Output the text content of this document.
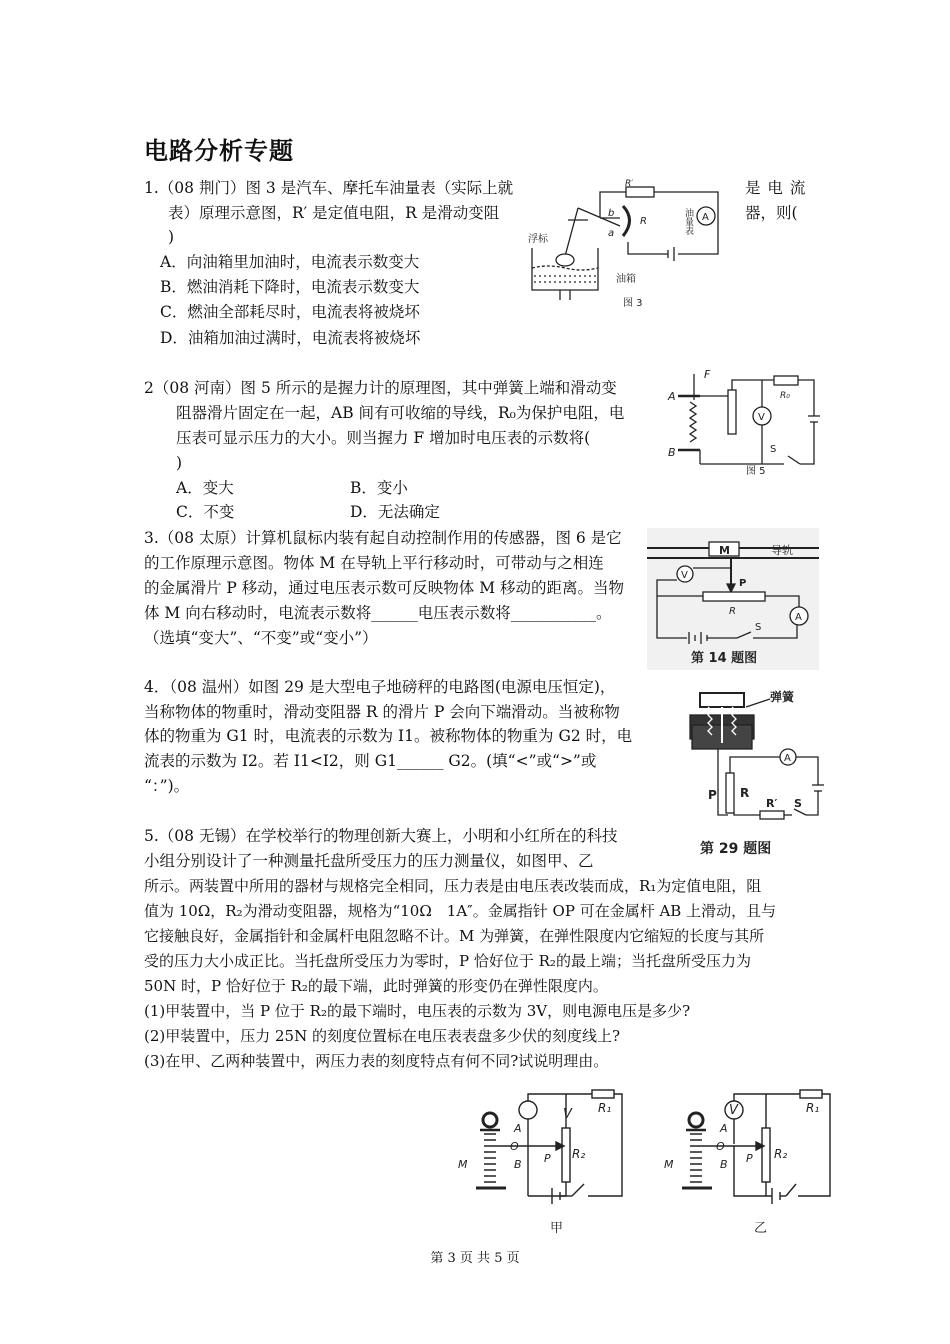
电路分析专题
1.（08 荆门）图 3 是汽车、摩托车油量表（实际上就	是 电 流
表）原理示意图，R′ 是定值电阻，R 是滑动变阻	器，则(
)
A．向油箱里加油时，电流表示数变大
B．燃油消耗下降时，电流表示数变大
C．燃油全部耗尽时，电流表将被烧坏
D．油箱加油过满时，电流表将被烧坏
R′
b
a
R
浮标
油箱
A
油量表
图 3
2（08 河南）图 5 所示的是握力计的原理图，其中弹簧上端和滑动变
阻器滑片固定在一起，AB 间有可收缩的导线，R₀为保护电阻，电
压表可显示压力的大小。则当握力 F 增加时电压表的示数将(
)
A．变大	B．变小
C．不变	D．无法确定
F
A
B
V
R₀
S
图 5
3.（08 太原）计算机鼠标内装有起自动控制作用的传感器，图 6 是它
的工作原理示意图。物体 M 在导轨上平行移动时，可带动与之相连
的金属滑片 P 移动，通过电压表示数可反映物体 M 移动的距离。当物
体 M 向右移动时，电流表示数将______电压表示数将___________。
（选填“变大”、“不变”或“变小”）
M	导轨
V
P
R
A
S
第 14 题图
4．（08 温州）如图 29 是大型电子地磅秤的电路图(电源电压恒定)，
当称物体的物重时，滑动变阻器 R 的滑片 P 会向下端滑动。当被称物
体的物重为 G1 时，电流表的示数为 I1。被称物体的物重为 G2 时，电
流表的示数为 I2。若 I1<I2，则 G1______ G2。(填“<”或“>”或
“：”)。
弹簧
A
P R
R′ S
第 29 题图
5.（08 无锡）在学校举行的物理创新大赛上，小明和小红所在的科技
小组分别设计了一种测量托盘所受压力的压力测量仪，如图甲、乙
所示。两装置中所用的器材与规格完全相同，压力表是由电压表改装而成，R₁为定值电阻，阻
值为 10Ω，R₂为滑动变阻器，规格为“10Ω　1A″。金属指针 OP 可在金属杆 AB 上滑动，且与
它接触良好，金属指针和金属杆电阻忽略不计。M 为弹簧，在弹性限度内它缩短的长度与其所
受的压力大小成正比。当托盘所受压力为零时，P 恰好位于 R₂的最上端；当托盘所受压力为
50N 时，P 恰好位于 R₂的最下端，此时弹簧的形变仍在弹性限度内。
(1)甲装置中，当 P 位于 R₂的最下端时，电压表的示数为 3V，则电源电压是多少?
(2)甲装置中，压力 25N 的刻度位置标在电压表表盘多少伏的刻度线上?
(3)在甲、乙两种装置中，两压力表的刻度特点有何不同?试说明理由。
V R₁
R₂
A
O
B P
M
甲
V	R₁
R₂
A
O
B P
M
乙
第 3 页 共 5 页
